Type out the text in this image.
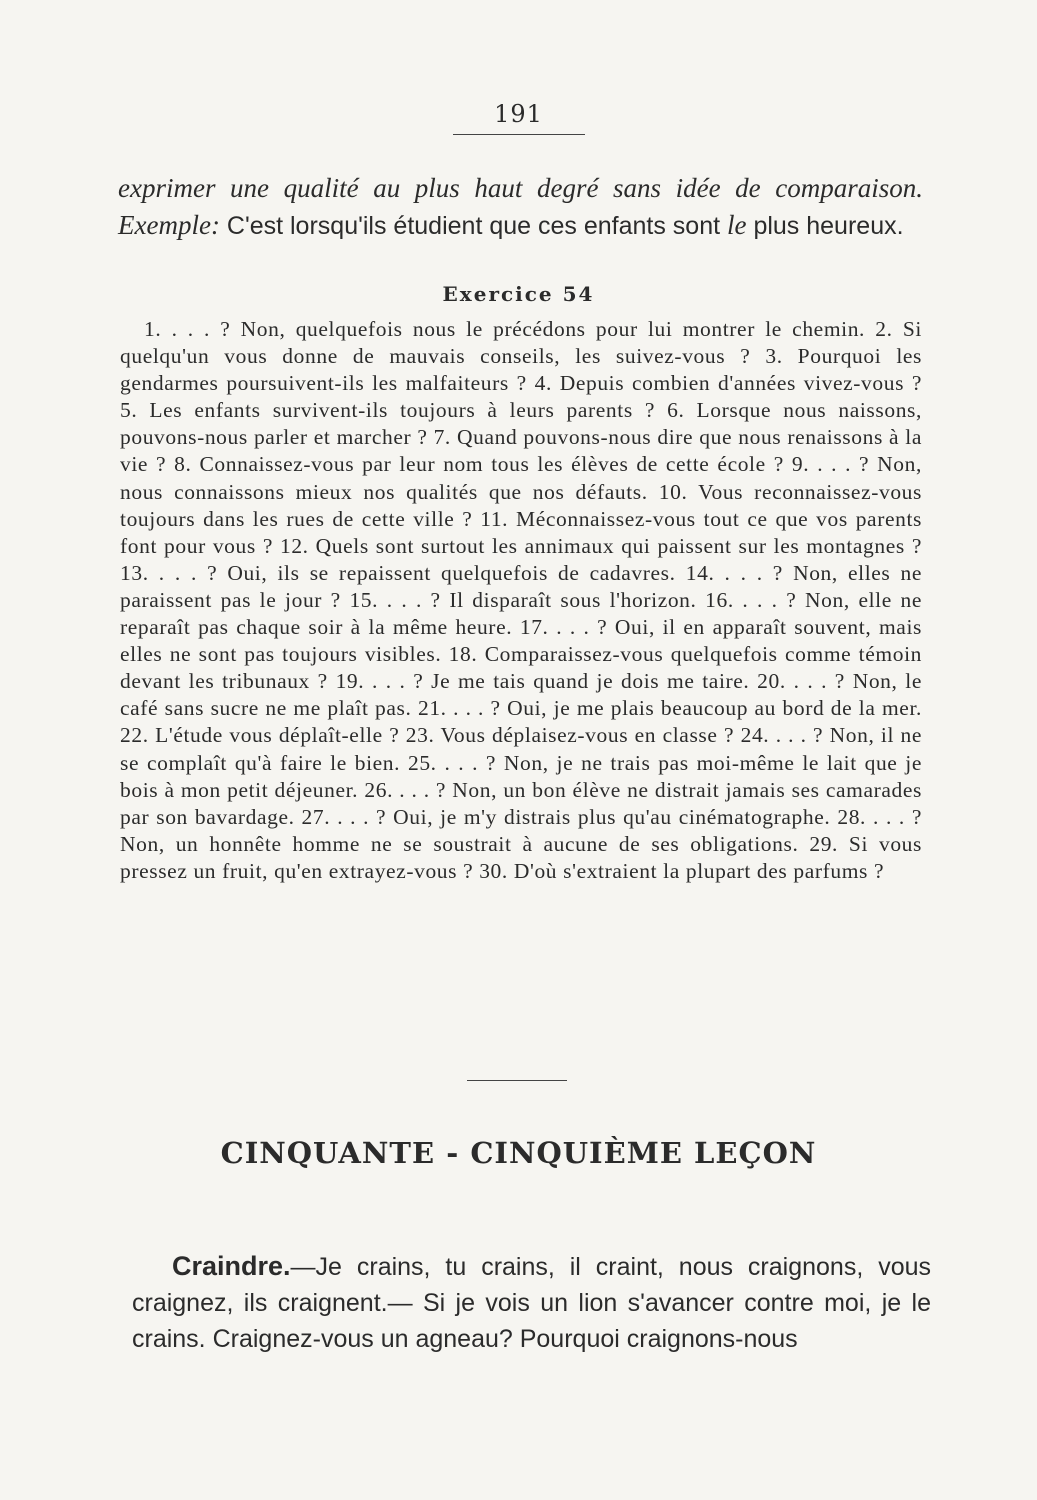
191

exprimer une qualité au plus haut degré sans idée de comparaison. Exemple: C'est lorsqu'ils étudient que ces enfants sont le plus heureux.

Exercice 54

1. . . . ? Non, quelquefois nous le précédons pour lui montrer le chemin. 2. Si quelqu'un vous donne de mauvais conseils, les suivez-vous ? 3. Pourquoi les gendarmes poursuivent-ils les malfaiteurs ? 4. Depuis combien d'années vivez-vous ? 5. Les enfants survivent-ils toujours à leurs parents ? 6. Lorsque nous naissons, pouvons-nous parler et marcher ? 7. Quand pouvons-nous dire que nous renaissons à la vie ? 8. Connaissez-vous par leur nom tous les élèves de cette école ? 9. . . . ? Non, nous connaissons mieux nos qualités que nos défauts. 10. Vous reconnaissez-vous toujours dans les rues de cette ville ? 11. Méconnaissez-vous tout ce que vos parents font pour vous ? 12. Quels sont surtout les annimaux qui paissent sur les montagnes ? 13. . . . ? Oui, ils se repaissent quelquefois de cadavres. 14. . . . ? Non, elles ne paraissent pas le jour ? 15. . . . ? Il disparaît sous l'horizon. 16. . . . ? Non, elle ne reparaît pas chaque soir à la même heure. 17. . . . ? Oui, il en apparaît souvent, mais elles ne sont pas toujours visibles. 18. Comparaissez-vous quelquefois comme témoin devant les tribunaux ? 19. . . . ? Je me tais quand je dois me taire. 20. . . . ? Non, le café sans sucre ne me plaît pas. 21. . . . ? Oui, je me plais beaucoup au bord de la mer. 22. L'étude vous déplaît-elle ? 23. Vous déplaisez-vous en classe ? 24. . . . ? Non, il ne se complaît qu'à faire le bien. 25. . . . ? Non, je ne trais pas moi-même le lait que je bois à mon petit déjeuner. 26. . . . ? Non, un bon élève ne distrait jamais ses camarades par son bavardage. 27. . . . ? Oui, je m'y distrais plus qu'au cinématographe. 28. . . . ? Non, un honnête homme ne se soustrait à aucune de ses obligations. 29. Si vous pressez un fruit, qu'en extrayez-vous ? 30. D'où s'extraient la plupart des parfums ?

CINQUANTE - CINQUIÈME LEÇON

Craindre.—Je crains, tu crains, il craint, nous craignons, vous craignez, ils craignent.— Si je vois un lion s'avancer contre moi, je le crains. Craignez-vous un agneau? Pourquoi craignons-nous
